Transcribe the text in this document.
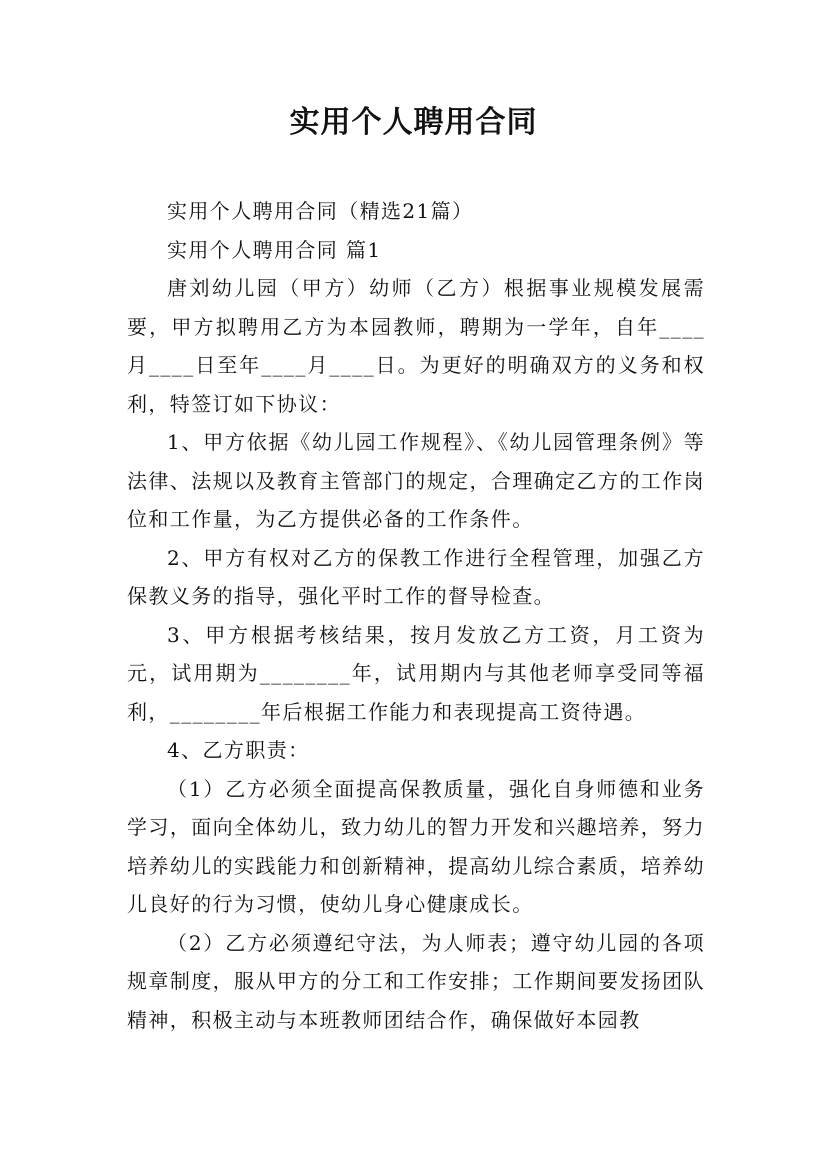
实用个人聘用合同

实用个人聘用合同（精选21篇）

实用个人聘用合同 篇1

唐刘幼儿园（甲方）幼师（乙方）根据事业规模发展需要，甲方拟聘用乙方为本园教师，聘期为一学年，自年____月____日至年____月____日。为更好的明确双方的义务和权利，特签订如下协议：

1、甲方依据《幼儿园工作规程》、《幼儿园管理条例》等法律、法规以及教育主管部门的规定，合理确定乙方的工作岗位和工作量，为乙方提供必备的工作条件。

2、甲方有权对乙方的保教工作进行全程管理，加强乙方保教义务的指导，强化平时工作的督导检查。

3、甲方根据考核结果，按月发放乙方工资，月工资为元，试用期为________年，试用期内与其他老师享受同等福利，________年后根据工作能力和表现提高工资待遇。

4、乙方职责：

（1）乙方必须全面提高保教质量，强化自身师德和业务学习，面向全体幼儿，致力幼儿的智力开发和兴趣培养，努力培养幼儿的实践能力和创新精神，提高幼儿综合素质，培养幼儿良好的行为习惯，使幼儿身心健康成长。

（2）乙方必须遵纪守法，为人师表；遵守幼儿园的各项规章制度，服从甲方的分工和工作安排；工作期间要发扬团队精神，积极主动与本班教师团结合作，确保做好本园教
